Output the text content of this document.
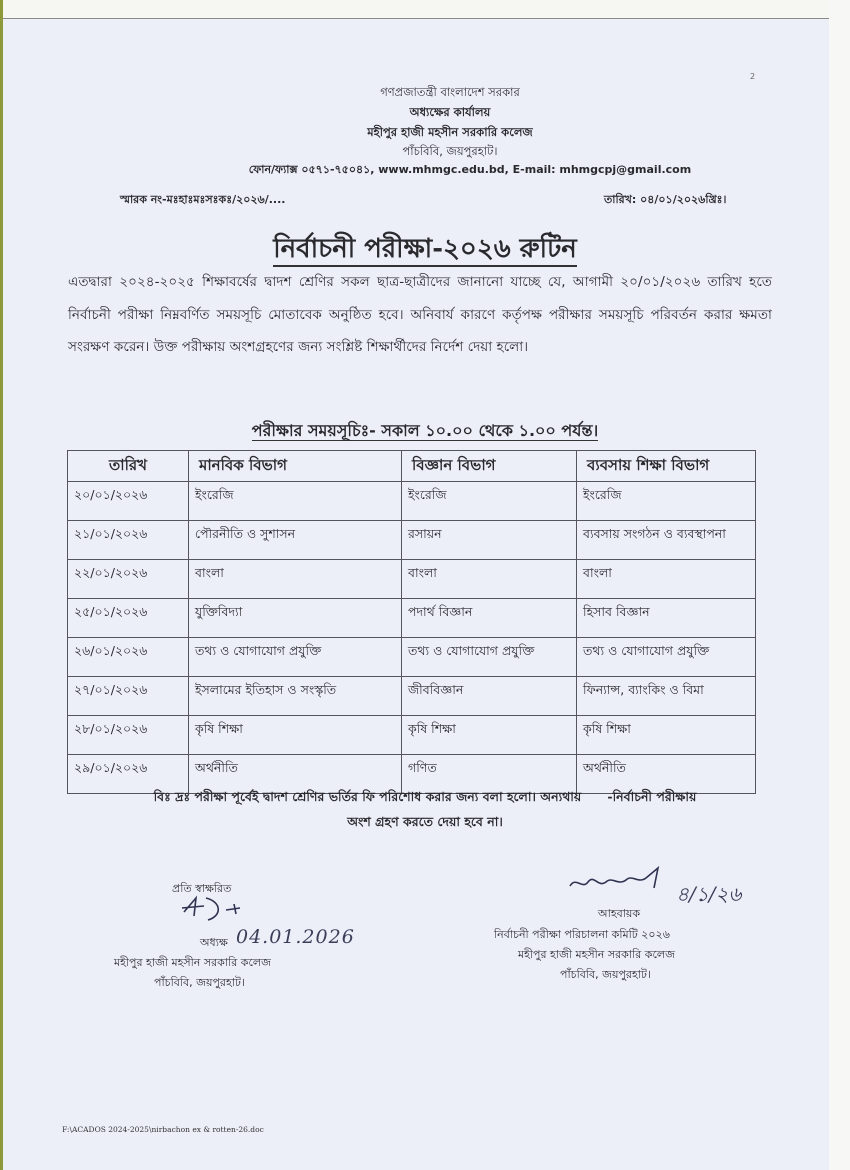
2
গণপ্রজাতন্ত্রী বাংলাদেশ সরকার
অধ্যক্ষের কার্যালয়
মহীপুর হাজী মহসীন সরকারি কলেজ
পাঁচবিবি, জয়পুরহাট।
ফোন/ফ্যাক্স ০৫৭১-৭৫০৪১, www.mhmgc.edu.bd, E-mail: mhmgcpj@gmail.com
স্মারক নং-মঃহাঃমঃসঃকঃ/২০২৬/....	তারিখ: ০৪/০১/২০২৬খ্রিঃ।
নির্বাচনী পরীক্ষা-২০২৬ রুটিন
এতদ্বারা ২০২৪-২০২৫ শিক্ষাবর্ষের দ্বাদশ শ্রেণির সকল ছাত্র-ছাত্রীদের জানানো যাচ্ছে যে, আগামী ২০/০১/২০২৬ তারিখ হতে নির্বাচনী পরীক্ষা নিম্নবর্ণিত সময়সূচি মোতাবেক অনুষ্ঠিত হবে। অনিবার্য কারণে কর্তৃপক্ষ পরীক্ষার সময়সূচি পরিবর্তন করার ক্ষমতা সংরক্ষণ করেন। উক্ত পরীক্ষায় অংশগ্রহণের জন্য সংশ্লিষ্ট শিক্ষার্থীদের নির্দেশ দেয়া হলো।
পরীক্ষার সময়সূচিঃ- সকাল ১০.০০ থেকে ১.০০ পর্যন্ত।
তারিখ	মানবিক বিভাগ	বিজ্ঞান বিভাগ	ব্যবসায় শিক্ষা বিভাগ
২০/০১/২০২৬	ইংরেজি	ইংরেজি	ইংরেজি
২১/০১/২০২৬	পৌরনীতি ও সুশাসন	রসায়ন	ব্যবসায় সংগঠন ও ব্যবস্থাপনা
২২/০১/২০২৬	বাংলা	বাংলা	বাংলা
২৫/০১/২০২৬	যুক্তিবিদ্যা	পদার্থ বিজ্ঞান	হিসাব বিজ্ঞান
২৬/০১/২০২৬	তথ্য ও যোগাযোগ প্রযুক্তি	তথ্য ও যোগাযোগ প্রযুক্তি	তথ্য ও যোগাযোগ প্রযুক্তি
২৭/০১/২০২৬	ইসলামের ইতিহাস ও সংস্কৃতি	জীববিজ্ঞান	ফিন্যান্স, ব্যাংকিং ও বিমা
২৮/০১/২০২৬	কৃষি শিক্ষা	কৃষি শিক্ষা	কৃষি শিক্ষা
২৯/০১/২০২৬	অর্থনীতি	গণিত	অর্থনীতি
বিঃ দ্রঃ পরীক্ষা পূর্বেই দ্বাদশ শ্রেণির ভর্তির ফি পরিশোধ করার জন্য বলা হলো। অন্যথায়      -নির্বাচনী পরীক্ষায়
অংশ গ্রহণ করতে দেয়া হবে না।
প্রতি স্বাক্ষরিত
অধ্যক্ষ 04.01.2026
মহীপুর হাজী মহসীন সরকারি কলেজ
পাঁচবিবি, জয়পুরহাট।
৪/১/২৬
আহবায়ক
নির্বাচনী পরীক্ষা পরিচালনা কমিটি ২০২৬
মহীপুর হাজী মহসীন সরকারি কলেজ
পাঁচবিবি, জয়পুরহাট।
F:\ACADOS 2024-2025\nirbachon ex & rotten-26.doc
